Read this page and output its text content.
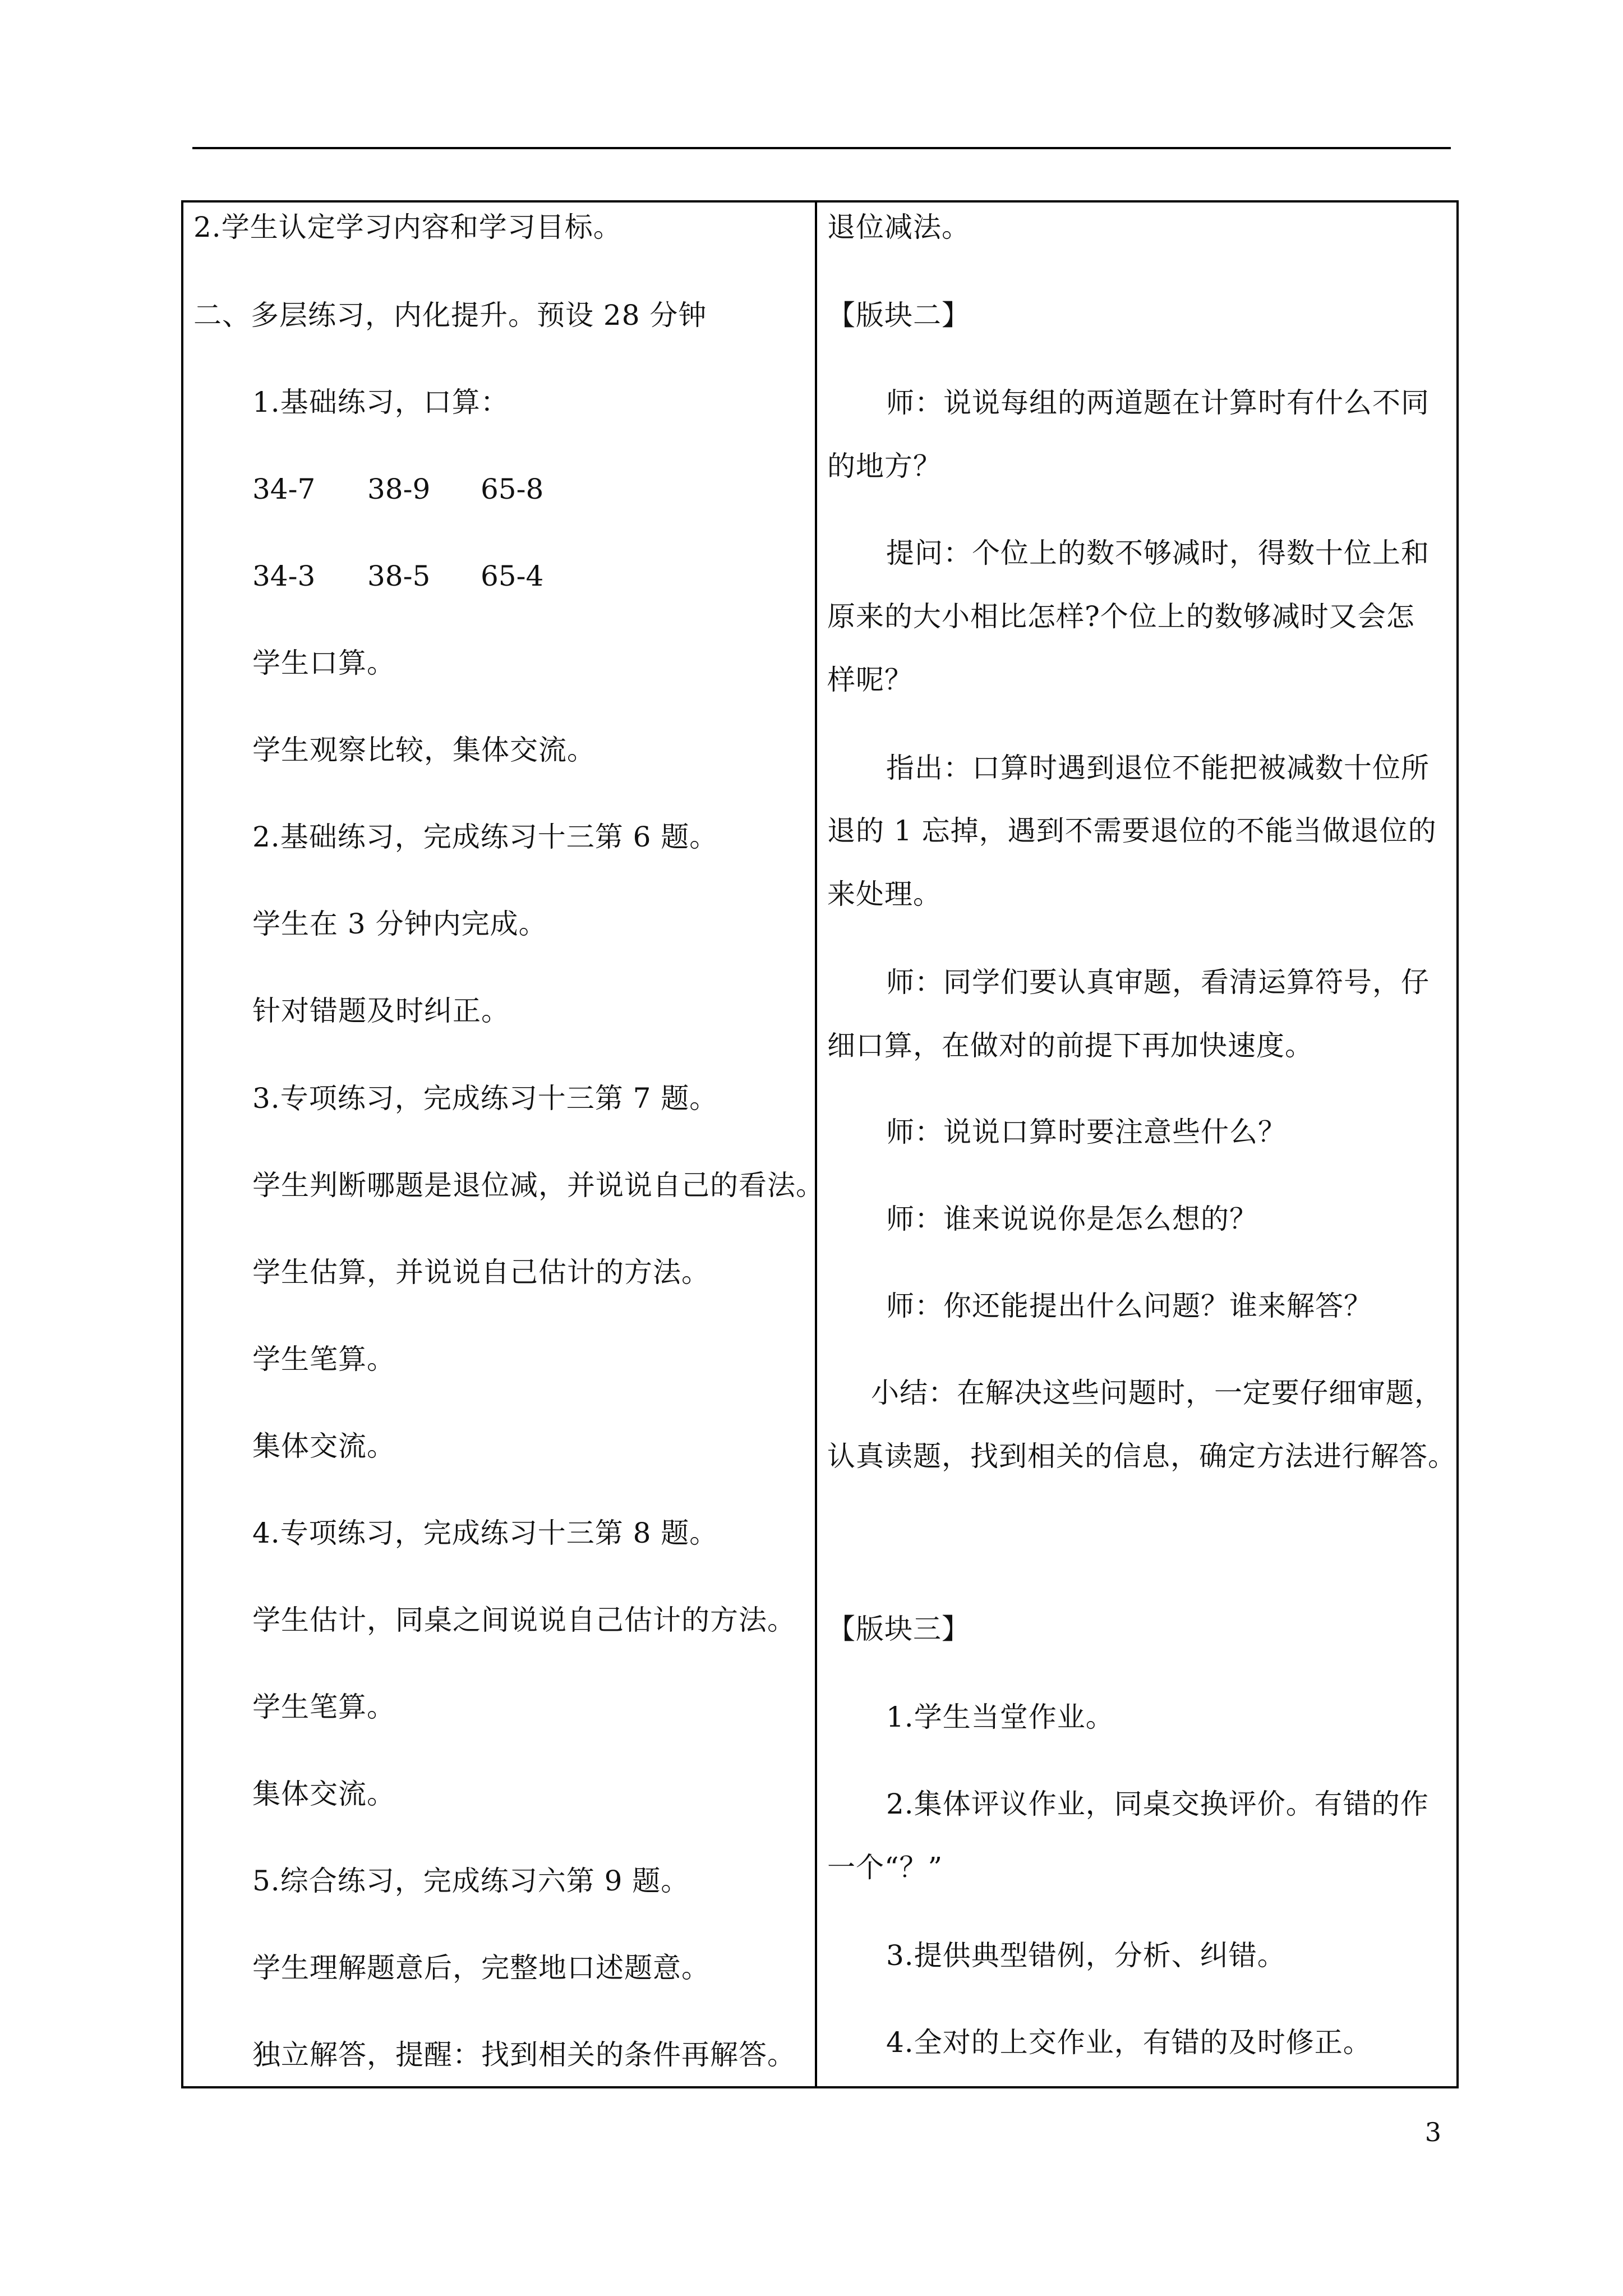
2.学生认定学习内容和学习目标。
二、多层练习，内化提升。预设 28 分钟
1.基础练习，口算：
34-7 38-9 65-8
34-3 38-5 65-4
学生口算。
学生观察比较，集体交流。
2.基础练习，完成练习十三第 6 题。
学生在 3 分钟内完成。
针对错题及时纠正。
3.专项练习，完成练习十三第 7 题。
学生判断哪题是退位减，并说说自己的看法。
学生估算，并说说自己估计的方法。
学生笔算。
集体交流。
4.专项练习，完成练习十三第 8 题。
学生估计，同桌之间说说自己估计的方法。
学生笔算。
集体交流。
5.综合练习，完成练习六第 9 题。
学生理解题意后，完整地口述题意。
独立解答，提醒：找到相关的条件再解答。
退位减法。
【版块二】
师：说说每组的两道题在计算时有什么不同
的地方？
提问：个位上的数不够减时，得数十位上和
原来的大小相比怎样?个位上的数够减时又会怎
样呢？
指出：口算时遇到退位不能把被减数十位所
退的 1 忘掉，遇到不需要退位的不能当做退位的
来处理。
师：同学们要认真审题，看清运算符号，仔
细口算，在做对的前提下再加快速度。
师：说说口算时要注意些什么？
师：谁来说说你是怎么想的？
师：你还能提出什么问题？谁来解答？
小结：在解决这些问题时，一定要仔细审题，
认真读题，找到相关的信息，确定方法进行解答。
【版块三】
1.学生当堂作业。
2.集体评议作业，同桌交换评价。有错的作
一个“？”
3.提供典型错例，分析、纠错。
4.全对的上交作业，有错的及时修正。
3
